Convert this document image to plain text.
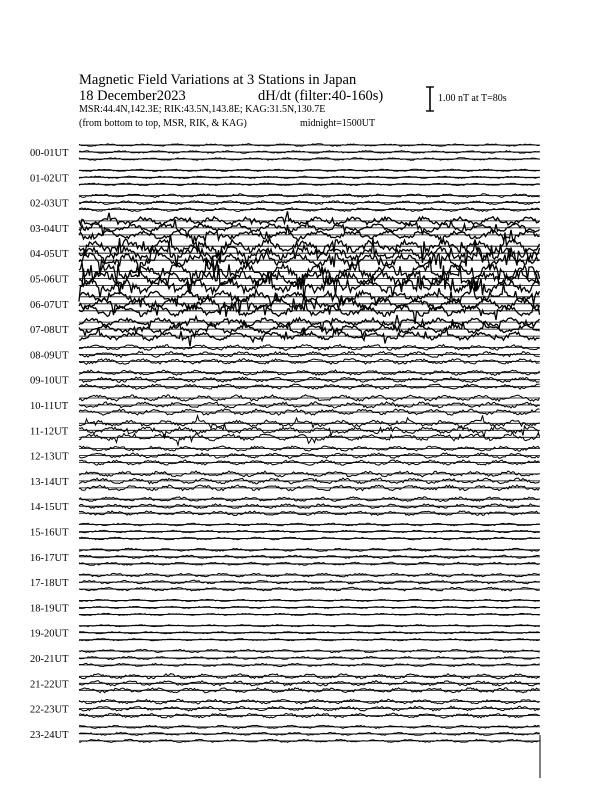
Magnetic Field Variations at 3 Stations in Japan
18 December2023	dH/dt (filter:40-160s)
MSR:44.4N,142.3E; RIK:43.5N,143.8E; KAG:31.5N,130.7E
(from bottom to top, MSR, RIK, & KAG)	midnight=1500UT
1.00 nT at T=80s
00-01UT
01-02UT
02-03UT
03-04UT
04-05UT
05-06UT
06-07UT
07-08UT
08-09UT
09-10UT
10-11UT
11-12UT
12-13UT
13-14UT
14-15UT
15-16UT
16-17UT
17-18UT
18-19UT
19-20UT
20-21UT
21-22UT
22-23UT
23-24UT
